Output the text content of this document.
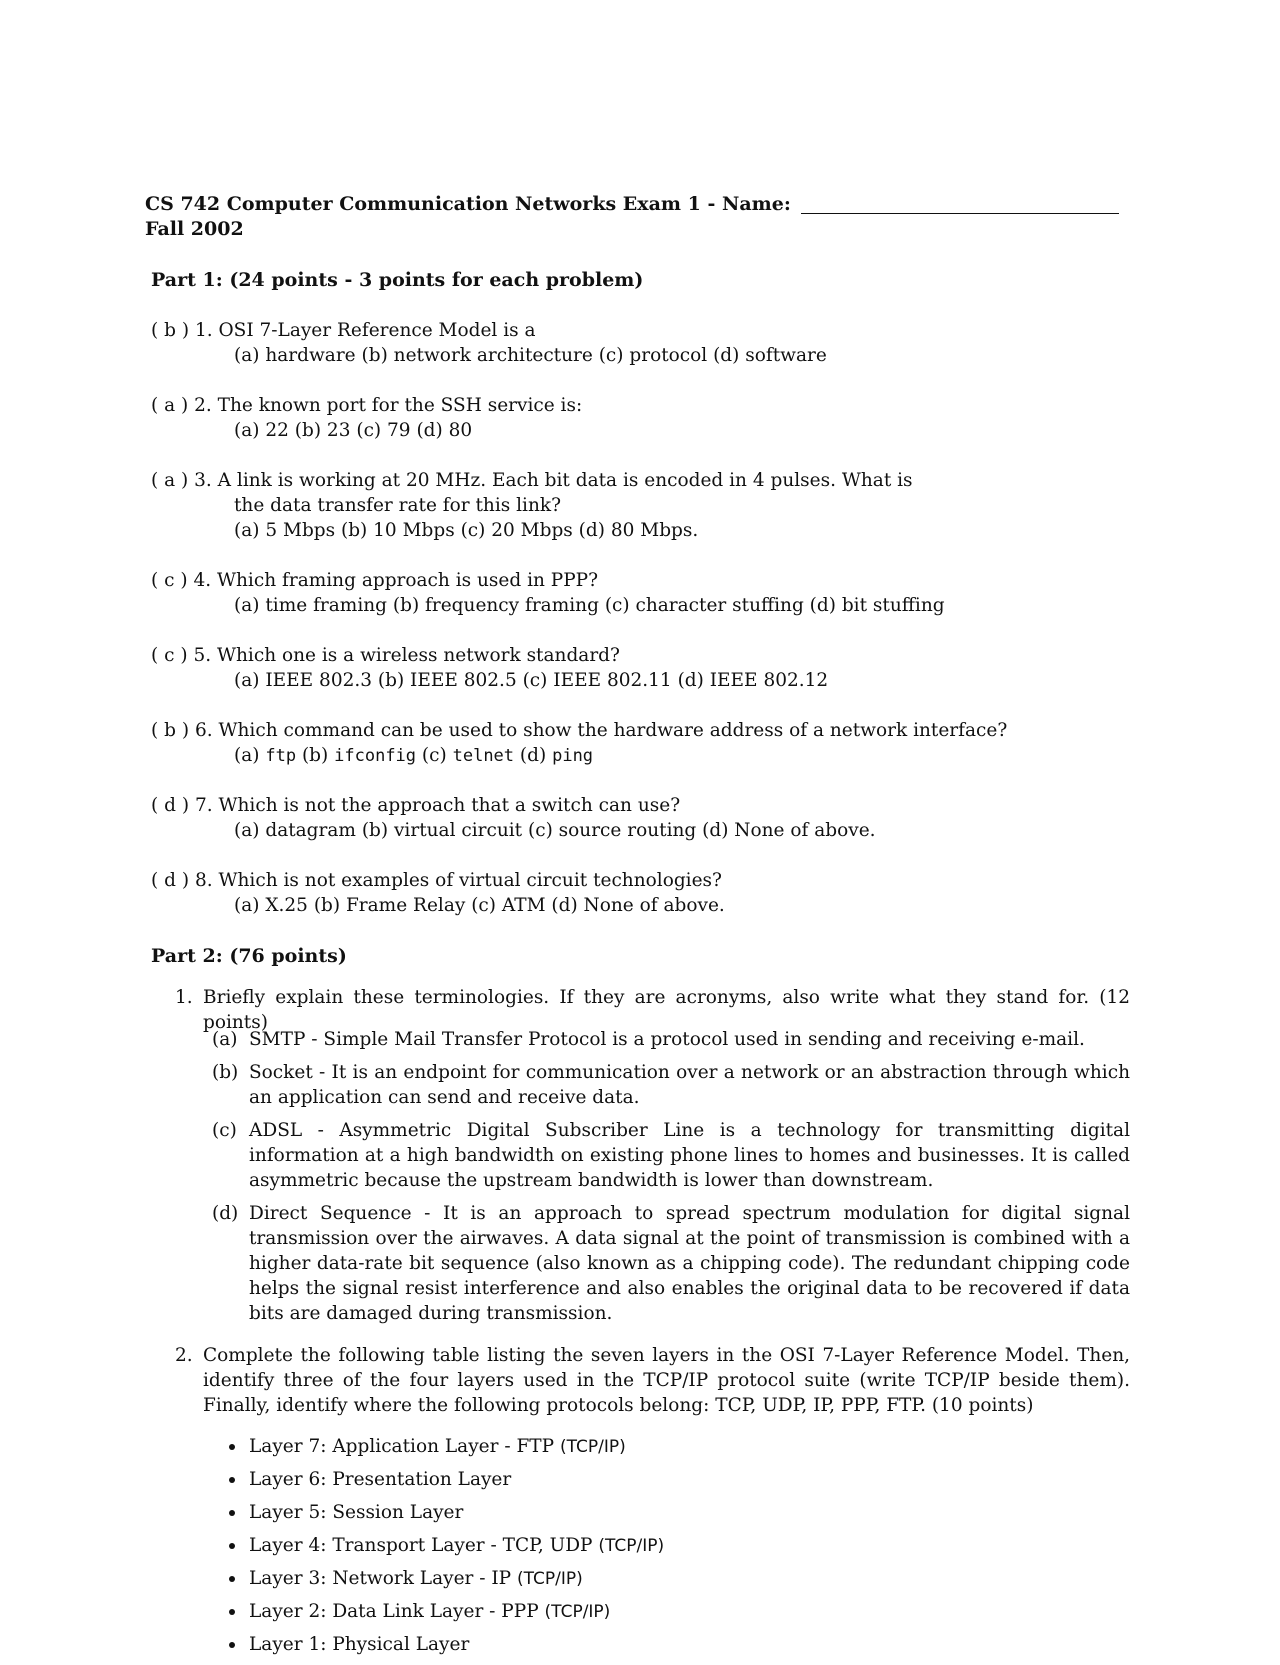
CS 742 Computer Communication Networks Exam 1 - Name:
Fall 2002
Part 1: (24 points - 3 points for each problem)
( b ) 1. OSI 7-Layer Reference Model is a
(a) hardware (b) network architecture (c) protocol (d) software
( a ) 2. The known port for the SSH service is:
(a) 22 (b) 23 (c) 79 (d) 80
( a ) 3. A link is working at 20 MHz. Each bit data is encoded in 4 pulses. What is
the data transfer rate for this link?
(a) 5 Mbps (b) 10 Mbps (c) 20 Mbps (d) 80 Mbps.
( c ) 4. Which framing approach is used in PPP?
(a) time framing (b) frequency framing (c) character stuffing (d) bit stuffing
( c ) 5. Which one is a wireless network standard?
(a) IEEE 802.3 (b) IEEE 802.5 (c) IEEE 802.11 (d) IEEE 802.12
( b ) 6. Which command can be used to show the hardware address of a network interface?
(a) ftp (b) ifconfig (c) telnet (d) ping
( d ) 7. Which is not the approach that a switch can use?
(a) datagram (b) virtual circuit (c) source routing (d) None of above.
( d ) 8. Which is not examples of virtual circuit technologies?
(a) X.25 (b) Frame Relay (c) ATM (d) None of above.
Part 2: (76 points)
1. Briefly explain these terminologies. If they are acronyms, also write what they stand for. (12 points)
(a) SMTP - Simple Mail Transfer Protocol is a protocol used in sending and receiving e-mail.
(b) Socket - It is an endpoint for communication over a network or an abstraction through which an application can send and receive data.
(c) ADSL - Asymmetric Digital Subscriber Line is a technology for transmitting digital information at a high bandwidth on existing phone lines to homes and businesses. It is called asymmetric because the upstream bandwidth is lower than downstream.
(d) Direct Sequence - It is an approach to spread spectrum modulation for digital signal transmission over the airwaves. A data signal at the point of transmission is combined with a higher data-rate bit sequence (also known as a chipping code). The redundant chipping code helps the signal resist interference and also enables the original data to be recovered if data bits are damaged during transmission.
2. Complete the following table listing the seven layers in the OSI 7-Layer Reference Model. Then, identify three of the four layers used in the TCP/IP protocol suite (write TCP/IP beside them). Finally, identify where the following protocols belong: TCP, UDP, IP, PPP, FTP. (10 points)
Layer 7: Application Layer - FTP (TCP/IP)
Layer 6: Presentation Layer
Layer 5: Session Layer
Layer 4: Transport Layer - TCP, UDP (TCP/IP)
Layer 3: Network Layer - IP (TCP/IP)
Layer 2: Data Link Layer - PPP (TCP/IP)
Layer 1: Physical Layer
